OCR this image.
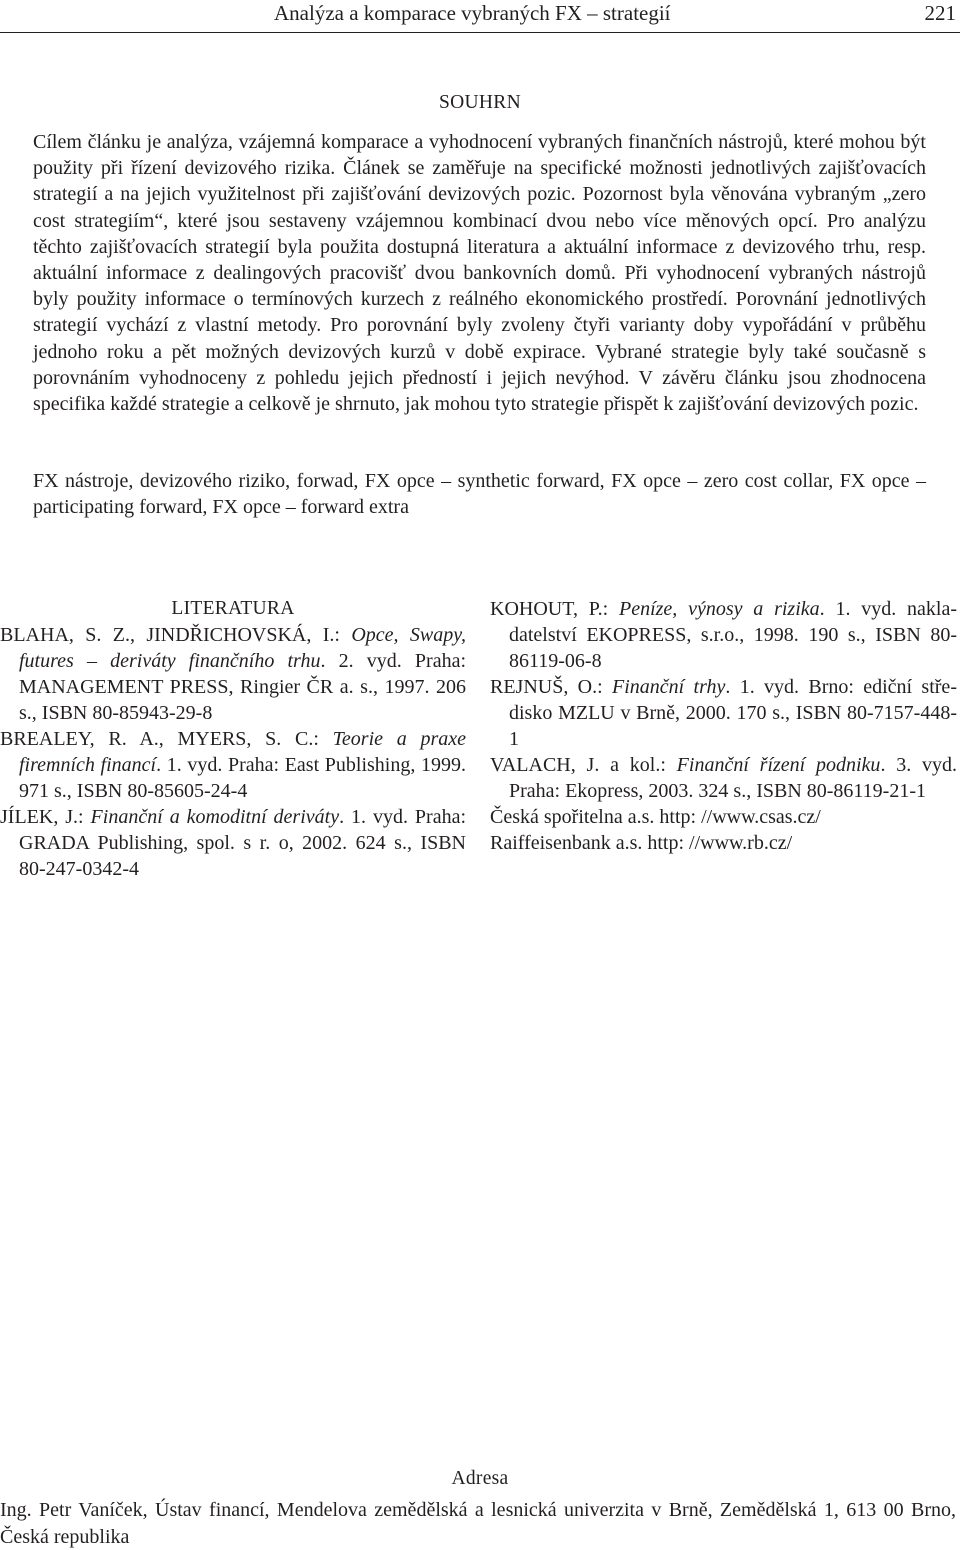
Analýza a komparace vybraných FX – strategií	221
SOUHRN

Cílem článku je analýza, vzájemná komparace a vyhodnocení vybraných finančních nástrojů, které mohou být použity při řízení devizového rizika. Článek se zaměřuje na specifické možnosti jednotlivých zajišťovacích strategií a na jejich využitelnost při zajišťování devizových pozic. Pozornost byla věnována vybraným „zero cost strategiím“, které jsou sestaveny vzájemnou kombinací dvou nebo více měnových opcí. Pro analýzu těchto zajišťovacích strategií byla použita dostupná literatura a aktuální informace z devizového trhu, resp. aktuální informace z dealingových pracovišť dvou bankovních domů. Při vyhodnocení vybraných nástrojů byly použity informace o termínových kurzech z reálného ekonomického prostředí. Porovnání jednotlivých strategií vychází z vlastní metody. Pro porovnání byly zvoleny čtyři varianty doby vypořádání v průběhu jednoho roku a pět možných devizových kurzů v době expirace. Vybrané strategie byly také současně s porovnáním vyhodnoceny z pohledu jejich předností i jejich nevýhod. V závěru článku jsou zhodnocena specifika každé strategie a celkově je shrnuto, jak mohou tyto strategie přispět k zajišťování devizových pozic.

FX nástroje, devizového riziko, forwad, FX opce – synthetic forward, FX opce – zero cost collar, FX opce – participating forward, FX opce – forward extra

LITERATURA

BLAHA, S. Z., JINDŘICHOVSKÁ, I.: Opce, Swapy, futures – deriváty finančního trhu. 2. vyd. Praha: MANAGEMENT PRESS, Ringier ČR a. s., 1997. 206 s., ISBN 80-85943-29-8

BREALEY, R. A., MYERS, S. C.: Teorie a praxe firemních financí. 1. vyd. Praha: East Publishing, 1999. 971 s., ISBN 80-85605-24-4

JÍLEK, J.: Finanční a komoditní deriváty. 1. vyd. Praha: GRADA Publishing, spol. s r. o, 2002. 624 s., ISBN 80-247-0342-4

KOHOUT, P.: Peníze, výnosy a rizika. 1. vyd. nakladatelství EKOPRESS, s.r.o., 1998. 190 s., ISBN 80-86119-06-8

REJNUŠ, O.: Finanční trhy. 1. vyd. Brno: ediční středisko MZLU v Brně, 2000. 170 s., ISBN 80-7157-448-1

VALACH, J. a kol.: Finanční řízení podniku. 3. vyd. Praha: Ekopress, 2003. 324 s., ISBN 80-86119-21-1

Česká spořitelna a.s. http: //www.csas.cz/

Raiffeisenbank a.s. http: //www.rb.cz/

Adresa

Ing. Petr Vaníček, Ústav financí, Mendelova zemědělská a lesnická univerzita v Brně, Zemědělská 1, 613 00 Brno, Česká republika
